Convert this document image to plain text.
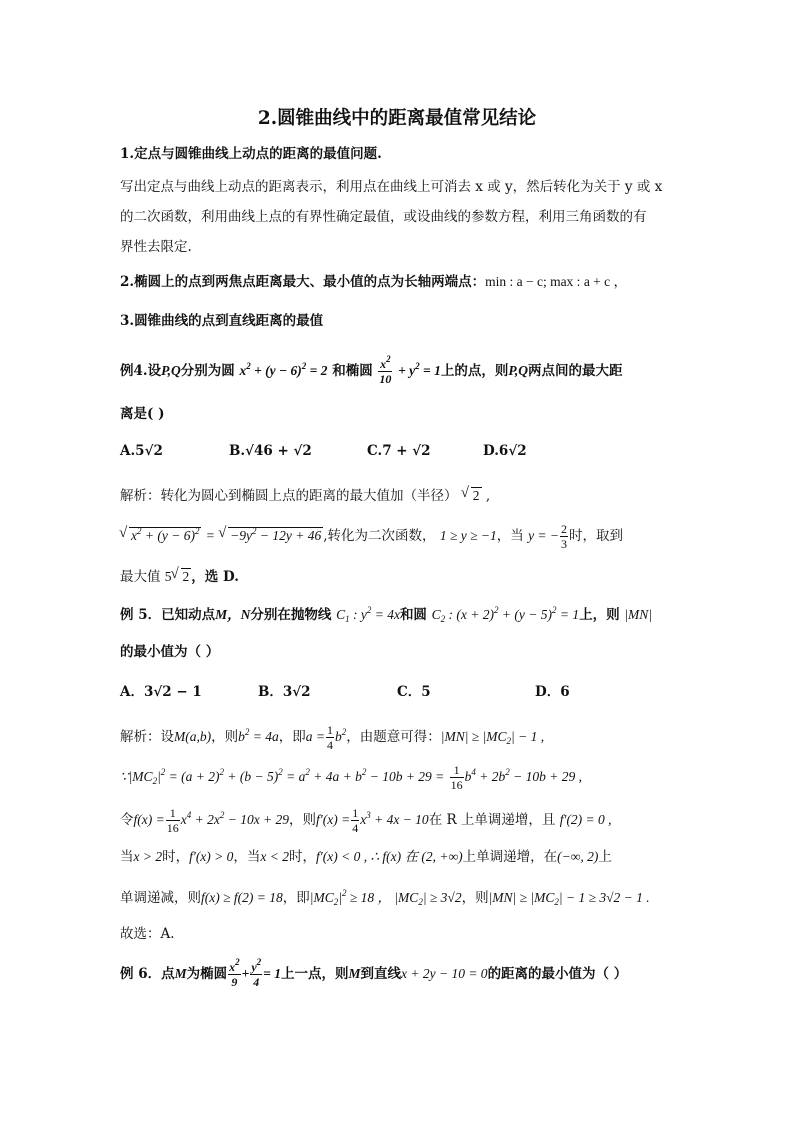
2.圆锥曲线中的距离最值常见结论
1.定点与圆锥曲线上动点的距离的最值问题.
写出定点与曲线上动点的距离表示，利用点在曲线上可消去 x 或 y，然后转化为关于 y 或 x
的二次函数，利用曲线上点的有界性确定最值，或设曲线的参数方程，利用三角函数的有
界性去限定.
2.椭圆上的点到两焦点距离最大、最小值的点为长轴两端点：min : a − c; max : a + c ，
3.圆锥曲线的点到直线距离的最值
例4.设P,Q分别为圆 $x^2 + (y - 6)^2 = 2$ 和椭圆 $\frac{x^2}{10} + y^2 = 1$上的点，则P,Q两点间的最大距
离是( )
A.5√2	B.√46 + √2	C.7 + √2	D.6√2
解析：转化为圆心到椭圆上点的距离的最大值加（半径） √ 2 ,
√ $x^2 + (y - 6)^2$ = √ $-9y^2 - 12y + 46$ ,转化为二次函数， 1 ≥ y ≥ −1，当 y = − $\frac{2}{3}$ 时，取到
最大值 5 √ 2 ，选 D.
例 5．已知动点M，N分别在抛物线 $C_1$ : $y^2 = 4x$和圆 $C_2$ : $(x + 2)^2 + (y - 5)^2 = 1$上，则 |MN|
的最小值为（ ）
A．3√2 − 1	B．3√2	C．5	D．6
解析：设M(a,b)，则$b^2 = 4a$，即$a = \frac{1}{4} b^2$，由题意可得：$|MN| \ge |MC_2| - 1$ ,
$\because|MC_2|^2 = (a + 2)^2 + (b - 5)^2 = a^2 + 4a + b^2 - 10b + 29 = \frac{1}{16} b^4 + 2b^2 - 10b + 29$ ,
令$f(x) = \frac{1}{16} x^4 + 2x^2 - 10x + 29$，则$f'(x) = \frac{1}{4} x^3 + 4x - 10$在 R 上单调递增，且 f′(2) = 0 ,
当x > 2时，f′(x) > 0，当x < 2时，f′(x) < 0 , ∴ f(x) 在 (2, +∞)上单调递增，在(−∞, 2)上
单调递减，则f(x) ≥ f(2) = 18，即$|MC_2|^2 \ge 18$ ， $|MC_2| \ge 3√2$，则$|MN| \ge |MC_2| - 1 \ge 3√2 - 1$ .
故选：A.
例 6．点M为椭圆 $\frac{x^2}{9} + \frac{y^2}{4} = 1$上一点，则M到直线x + 2y − 10 = 0的距离的最小值为（ ）
